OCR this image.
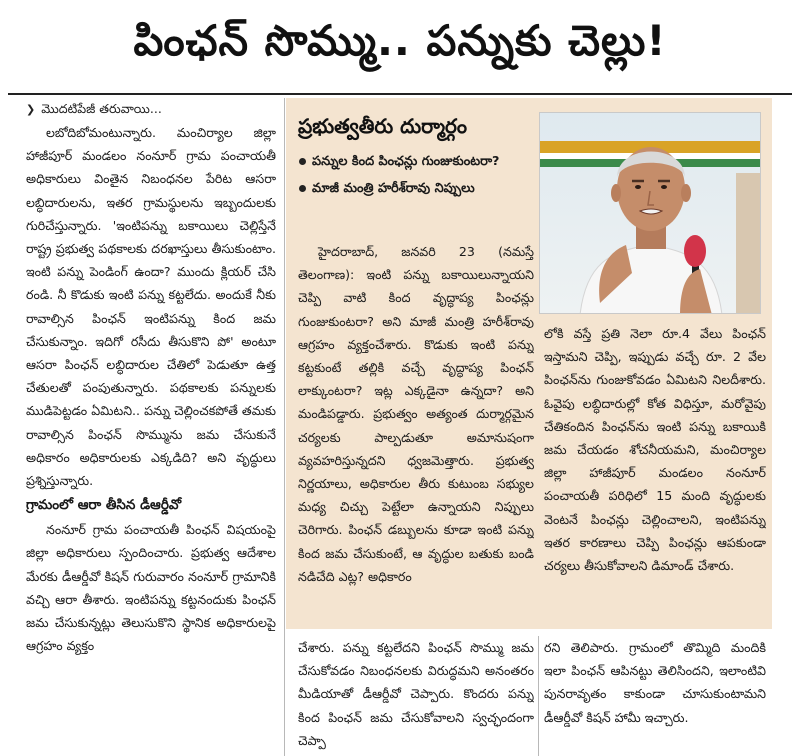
పింఛన్ సొమ్ము.. పన్నుకు చెల్లు!

❯ మొదటిపేజీ తరువాయి...

లబోదిబోమంటున్నారు. మంచిర్యాల జిల్లా హాజీపూర్ మండలం నంనూర్ గ్రామ పంచాయతీ అధికారులు వింతైన నిబంధనల పేరిట ఆసరా లబ్ధిదారులను, ఇతర గ్రామస్థులను ఇబ్బందులకు గురిచేస్తున్నారు. 'ఇంటిపన్ను బకాయిలు చెల్లిస్తేనే రాష్ట్ర ప్రభుత్వ పథకాలకు దరఖాస్తులు తీసుకుంటాం. ఇంటి పన్ను పెండింగ్ ఉందా? ముందు క్లియర్ చేసి రండి. నీ కొడుకు ఇంటి పన్ను కట్టలేదు. అందుకే నీకు రావాల్సిన పింఛన్ ఇంటిపన్ను కింద జమ చేసుకున్నాం. ఇదిగో రసీదు తీసుకొని పో' అంటూ ఆసరా పింఛన్ లబ్ధిదారుల చేతిలో పెడుతూ ఉత్త చేతులతో పంపుతున్నారు. పథకాలకు పన్నులకు ముడిపెట్టడం ఏమిటని.. పన్ను చెల్లించకపోతే తమకు రావాల్సిన పింఛన్ సొమ్మును జమ చేసుకునే అధికారం అధికారులకు ఎక్కడిది? అని వృద్ధులు ప్రశ్నిస్తున్నారు.

గ్రామంలో ఆరా తీసిన డీఆర్డీవో

నంనూర్ గ్రామ పంచాయతీ పింఛన్ విషయంపై జిల్లా అధికారులు స్పందించారు. ప్రభుత్వ ఆదేశాల మేరకు డీఆర్డీవో కిషన్ గురువారం నంనూర్ గ్రామానికి వచ్చి ఆరా తీశారు. ఇంటిపన్ను కట్టనందుకు పింఛన్ జమ చేసుకున్నట్లు తెలుసుకొని స్థానిక అధికారులపై ఆగ్రహం వ్యక్తం

ప్రభుత్వతీరు దుర్మార్గం
పన్నుల కింద పింఛన్లు గుంజుకుంటరా?
మాజీ మంత్రి హరీశ్‌రావు నిప్పులు

హైదరాబాద్, జనవరి 23 (నమస్తే తెలంగాణ): ఇంటి పన్ను బకాయిలున్నాయని చెప్పి వాటి కింద వృద్ధాప్య పింఛన్లు గుంజుకుంటరా? అని మాజీ మంత్రి హరీశ్‌రావు ఆగ్రహం వ్యక్తంచేశారు. కొడుకు ఇంటి పన్ను కట్టకుంటే తల్లికి వచ్చే వృద్ధాప్య పింఛన్ లాక్కుంటరా? ఇట్ల ఎక్కడైనా ఉన్నదా? అని మండిపడ్డారు. ప్రభుత్వం అత్యంత దుర్మార్గమైన చర్యలకు పాల్పడుతూ అమానుషంగా వ్యవహరిస్తున్నదని ధ్వజమెత్తారు. ప్రభుత్వ నిర్ణయాలు, అధికారుల తీరు కుటుంబ సభ్యుల మధ్య చిచ్చు పెట్టేలా ఉన్నాయని నిప్పులు చెరిగారు. పింఛన్ డబ్బులను కూడా ఇంటి పన్ను కింద జమ చేసుకుంటే, ఆ వృద్ధుల బతుకు బండి నడిచేది ఎట్ల? అధికారం

లోకి వస్తే ప్రతి నెలా రూ.4 వేలు పింఛన్ ఇస్తామని చెప్పి, ఇప్పుడు వచ్చే రూ. 2 వేల పింఛన్‌ను గుంజుకోవడం ఏమిటని నిలదీశారు. ఓవైపు లబ్ధిదారుల్లో కోత విధిస్తూ, మరోవైపు చేతికందిన పింఛన్‌ను ఇంటి పన్ను బకాయికి జమ చేయడం శోచనీయమని, మంచిర్యాల జిల్లా హాజీపూర్ మండలం నంనూర్ పంచాయతీ పరిధిలో 15 మంది వృద్ధులకు వెంటనే పింఛన్లు చెల్లించాలని, ఇంటిపన్ను ఇతర కారణాలు చెప్పి పింఛన్లు ఆపకుండా చర్యలు తీసుకోవాలని డిమాండ్ చేశారు.

చేశారు. పన్ను కట్టలేదని పింఛన్ సొమ్ము జమ చేసుకోవడం నిబంధనలకు విరుద్ధమని అనంతరం మీడియాతో డీఆర్డీవో చెప్పారు. కొందరు పన్ను కింద పింఛన్ జమ చేసుకోవాలని స్వచ్ఛందంగా చెప్పా

రని తెలిపారు. గ్రామంలో తొమ్మిది మందికి ఇలా పింఛన్ ఆపినట్టు తెలిసిందని, ఇలాంటివి పునరావృతం కాకుండా చూసుకుంటామని డీఆర్డీవో కిషన్ హామీ ఇచ్చారు.
